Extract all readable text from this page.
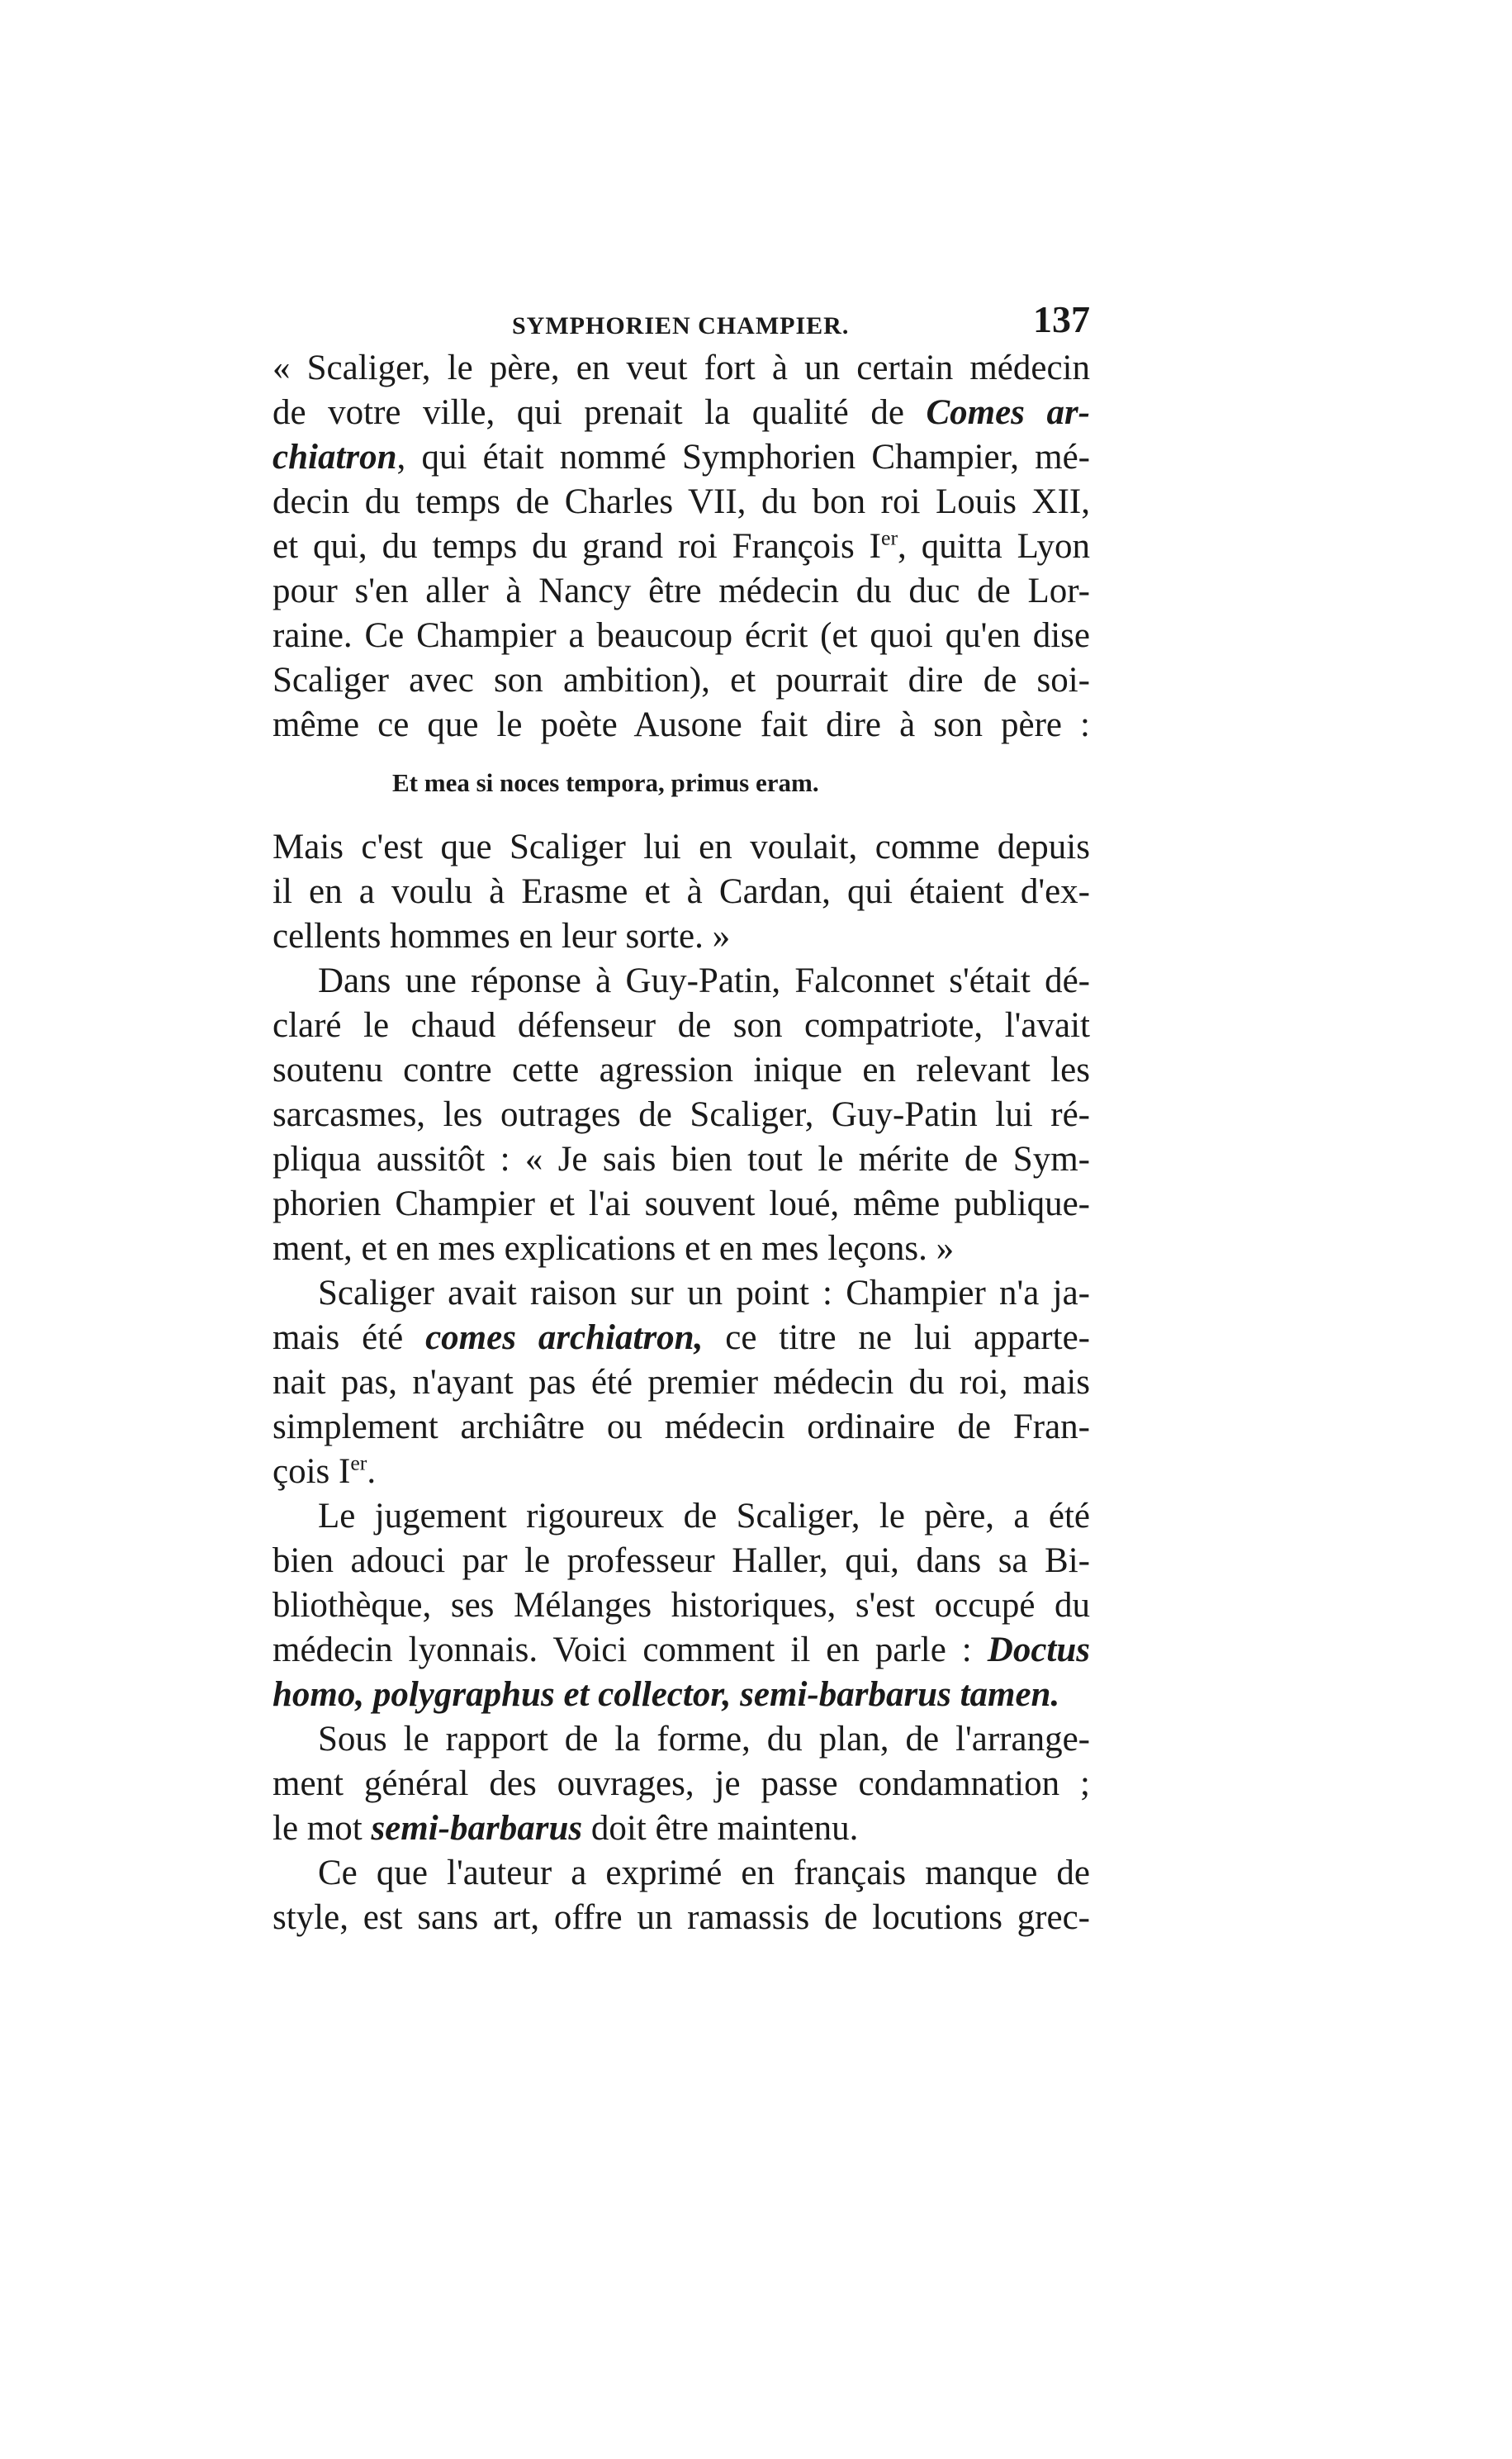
SYMPHORIEN CHAMPIER.	137
« Scaliger, le père, en veut fort à un certain médecin
de votre ville, qui prenait la qualité de Comes ar-
chiatron, qui était nommé Symphorien Champier, mé-
decin du temps de Charles VII, du bon roi Louis XII,
et qui, du temps du grand roi François Ier, quitta Lyon
pour s'en aller à Nancy être médecin du duc de Lor-
raine. Ce Champier a beaucoup écrit (et quoi qu'en dise
Scaliger avec son ambition), et pourrait dire de soi-
même ce que le poète Ausone fait dire à son père :
Et mea si noces tempora, primus eram.
Mais c'est que Scaliger lui en voulait, comme depuis
il en a voulu à Erasme et à Cardan, qui étaient d'ex-
cellents hommes en leur sorte. »
Dans une réponse à Guy-Patin, Falconnet s'était dé-
claré le chaud défenseur de son compatriote, l'avait
soutenu contre cette agression inique en relevant les
sarcasmes, les outrages de Scaliger, Guy-Patin lui ré-
pliqua aussitôt : « Je sais bien tout le mérite de Sym-
phorien Champier et l'ai souvent loué, même publique-
ment, et en mes explications et en mes leçons. »
Scaliger avait raison sur un point : Champier n'a ja-
mais été comes archiatron, ce titre ne lui apparte-
nait pas, n'ayant pas été premier médecin du roi, mais
simplement archiâtre ou médecin ordinaire de Fran-
çois Ier.
Le jugement rigoureux de Scaliger, le père, a été
bien adouci par le professeur Haller, qui, dans sa Bi-
bliothèque, ses Mélanges historiques, s'est occupé du
médecin lyonnais. Voici comment il en parle : Doctus
homo, polygraphus et collector, semi-barbarus tamen.
Sous le rapport de la forme, du plan, de l'arrange-
ment général des ouvrages, je passe condamnation ;
le mot semi-barbarus doit être maintenu.
Ce que l'auteur a exprimé en français manque de
style, est sans art, offre un ramassis de locutions grec-
